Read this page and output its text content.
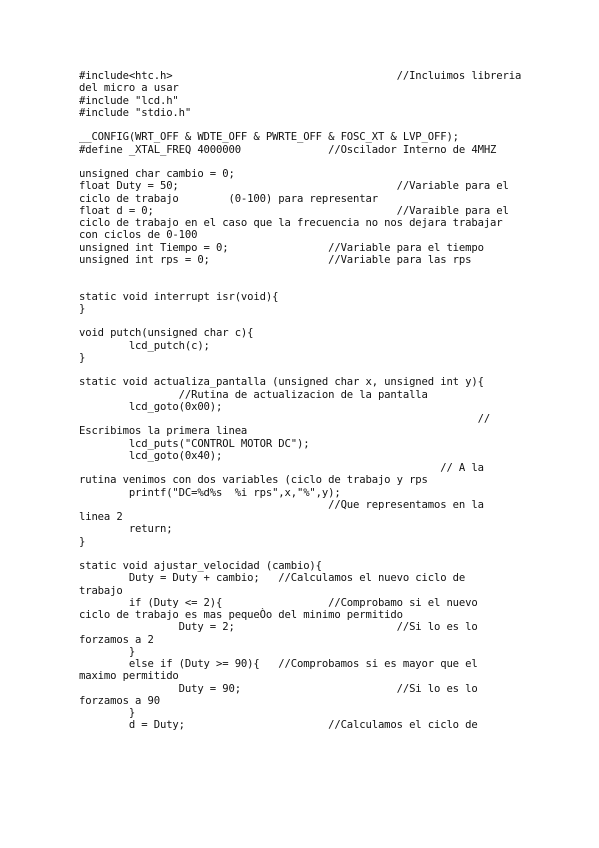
#include<htc.h>                                    //Incluimos libreria
del micro a usar
#include "lcd.h"
#include "stdio.h"
__CONFIG(WRT_OFF & WDTE_OFF & PWRTE_OFF & FOSC_XT & LVP_OFF);
#define _XTAL_FREQ 4000000              //Oscilador Interno de 4MHZ
unsigned char cambio = 0;
float Duty = 50;                                   //Variable para el
ciclo de trabajo        (0-100) para representar
float d = 0;                                       //Varaible para el
ciclo de trabajo en el caso que la frecuencia no nos dejara trabajar
con ciclos de 0-100
unsigned int Tiempo = 0;                //Variable para el tiempo
unsigned int rps = 0;                   //Variable para las rps
static void interrupt isr(void){
}
void putch(unsigned char c){
lcd_putch(c);
}
static void actualiza_pantalla (unsigned char x, unsigned int y){
//Rutina de actualizacion de la pantalla
lcd_goto(0x00);
//
Escribimos la primera linea
lcd_puts("CONTROL MOTOR DC");
lcd_goto(0x40);
// A la
rutina venimos con dos variables (ciclo de trabajo y rps
printf("DC=%d%s  %i rps",x,"%",y);
//Que representamos en la
linea 2
return;
}
static void ajustar_velocidad (cambio){
Duty = Duty + cambio;   //Calculamos el nuevo ciclo de
trabajo
if (Duty <= 2){                 //Comprobamo si el nuevo
ciclo de trabajo es mas pequeÒo del minimo permitido
Duty = 2;                          //Si lo es lo
forzamos a 2
}
else if (Duty >= 90){   //Comprobamos si es mayor que el
maximo permitido
Duty = 90;                         //Si lo es lo
forzamos a 90
}
d = Duty;                       //Calculamos el ciclo de
